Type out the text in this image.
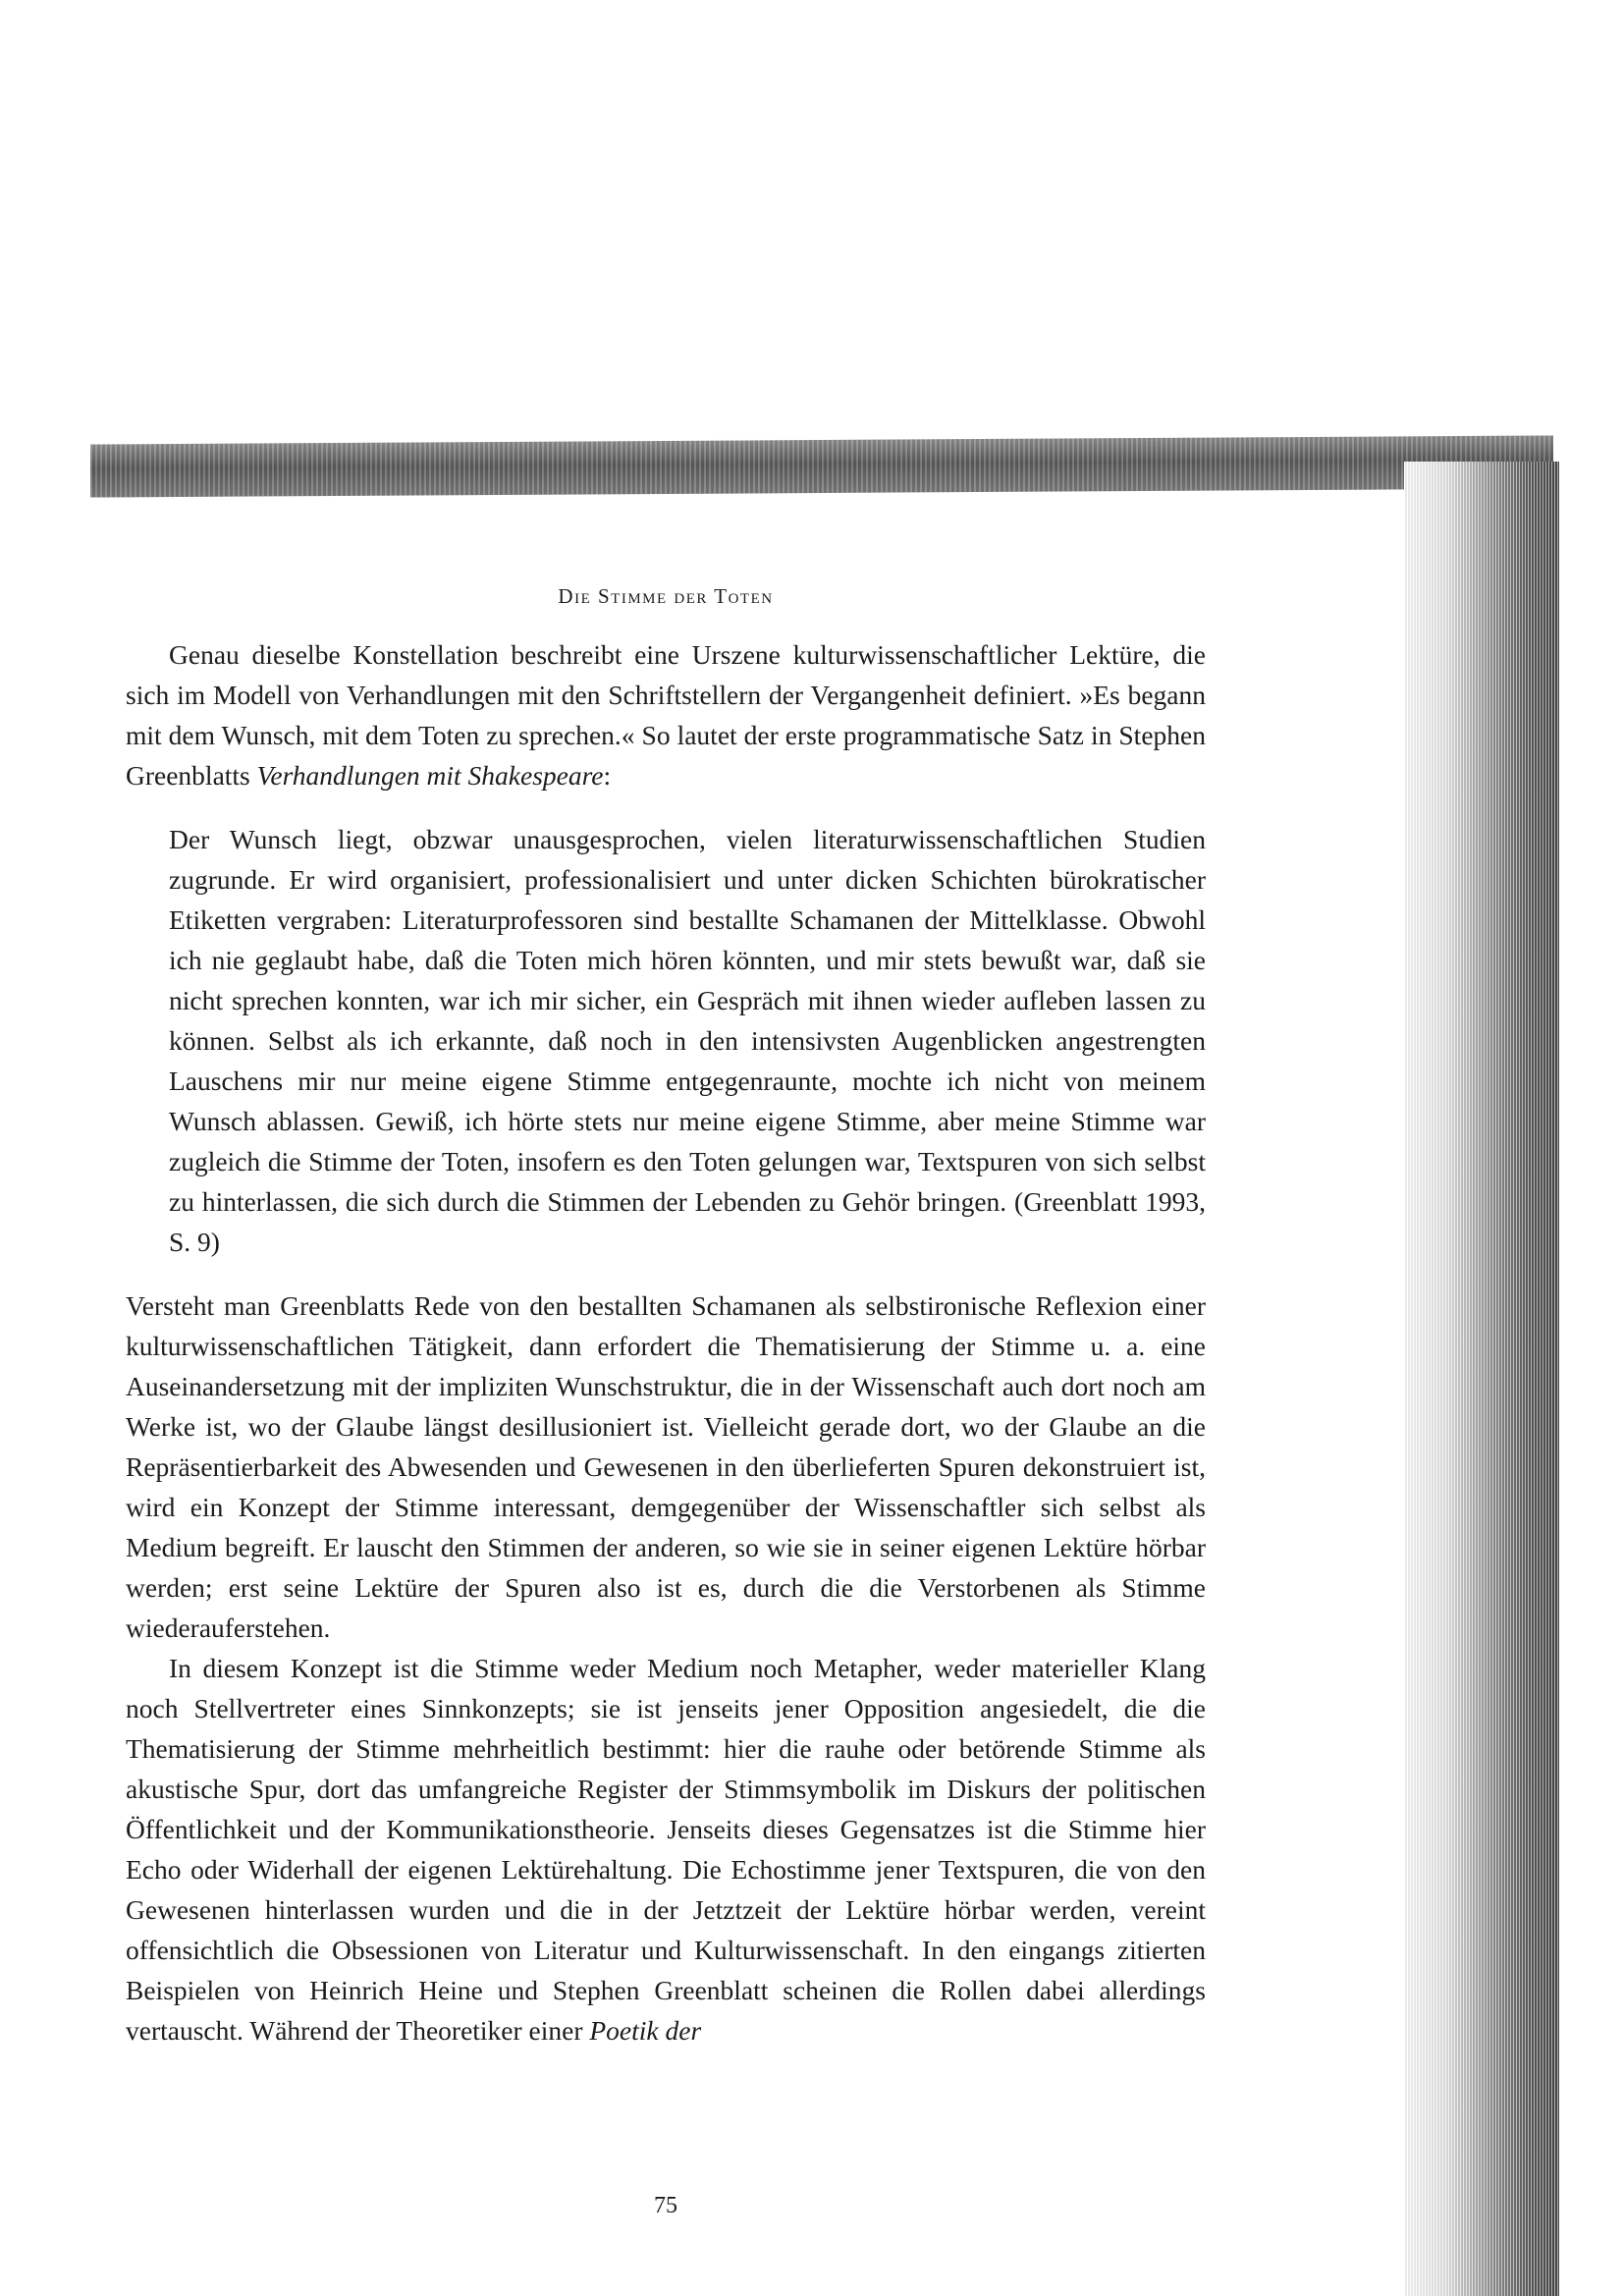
Die Stimme der Toten

Genau dieselbe Konstellation beschreibt eine Urszene kulturwissenschaftlicher Lektüre, die sich im Modell von Verhandlungen mit den Schriftstellern der Vergangenheit definiert. »Es begann mit dem Wunsch, mit dem Toten zu sprechen.« So lautet der erste programmatische Satz in Stephen Greenblatts Verhandlungen mit Shakespeare:

Der Wunsch liegt, obzwar unausgesprochen, vielen literaturwissenschaftlichen Studien zugrunde. Er wird organisiert, professionalisiert und unter dicken Schichten bürokratischer Etiketten vergraben: Literaturprofessoren sind bestallte Schamanen der Mittelklasse. Obwohl ich nie geglaubt habe, daß die Toten mich hören könnten, und mir stets bewußt war, daß sie nicht sprechen konnten, war ich mir sicher, ein Gespräch mit ihnen wieder aufleben lassen zu können. Selbst als ich erkannte, daß noch in den intensivsten Augenblicken angestrengten Lauschens mir nur meine eigene Stimme entgegenraunte, mochte ich nicht von meinem Wunsch ablassen. Gewiß, ich hörte stets nur meine eigene Stimme, aber meine Stimme war zugleich die Stimme der Toten, insofern es den Toten gelungen war, Textspuren von sich selbst zu hinterlassen, die sich durch die Stimmen der Lebenden zu Gehör bringen. (Greenblatt 1993, S. 9)

Versteht man Greenblatts Rede von den bestallten Schamanen als selbstironische Reflexion einer kulturwissenschaftlichen Tätigkeit, dann erfordert die Thematisierung der Stimme u. a. eine Auseinandersetzung mit der impliziten Wunschstruktur, die in der Wissenschaft auch dort noch am Werke ist, wo der Glaube längst desillusioniert ist. Vielleicht gerade dort, wo der Glaube an die Repräsentierbarkeit des Abwesenden und Gewesenen in den überlieferten Spuren dekonstruiert ist, wird ein Konzept der Stimme interessant, demgegenüber der Wissenschaftler sich selbst als Medium begreift. Er lauscht den Stimmen der anderen, so wie sie in seiner eigenen Lektüre hörbar werden; erst seine Lektüre der Spuren also ist es, durch die die Verstorbenen als Stimme wiederauferstehen.

In diesem Konzept ist die Stimme weder Medium noch Metapher, weder materieller Klang noch Stellvertreter eines Sinnkonzepts; sie ist jenseits jener Opposition angesiedelt, die die Thematisierung der Stimme mehrheitlich bestimmt: hier die rauhe oder betörende Stimme als akustische Spur, dort das umfangreiche Register der Stimmsymbolik im Diskurs der politischen Öffentlichkeit und der Kommunikationstheorie. Jenseits dieses Gegensatzes ist die Stimme hier Echo oder Widerhall der eigenen Lektürehaltung. Die Echostimme jener Textspuren, die von den Gewesenen hinterlassen wurden und die in der Jetztzeit der Lektüre hörbar werden, vereint offensichtlich die Obsessionen von Literatur und Kulturwissenschaft. In den eingangs zitierten Beispielen von Heinrich Heine und Stephen Greenblatt scheinen die Rollen dabei allerdings vertauscht. Während der Theoretiker einer Poetik der

75
